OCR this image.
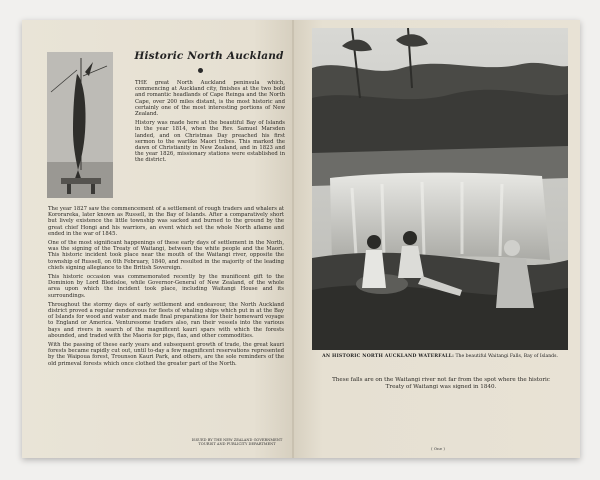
Historic North Auckland

THE great North Auckland peninsula which, commencing at Auckland city, finishes at the two bold and romantic headlands of Cape Reinga and the North Cape, over 200 miles distant, is the most historic and certainly one of the most interesting portions of New Zealand.

History was made here at the beautiful Bay of Islands in the year 1814, when the Rev. Samuel Marsden landed, and on Christmas Day preached his first sermon to the warlike Maori tribes. This marked the dawn of Christianity in New Zealand, and in 1823 and the year 1826, missionary stations were established in the district.

The year 1827 saw the commencement of a settlement of rough traders and whalers at Kororareka, later known as Russell, in the Bay of Islands. After a comparatively short but lively existence the little township was sacked and burned to the ground by the great chief Hongi and his warriors, an event which set the whole North aflame and ended in the war of 1845.

One of the most significant happenings of these early days of settlement in the North, was the signing of the Treaty of Waitangi, between the white people and the Maori. This historic incident took place near the mouth of the Waitangi river, opposite the township of Russell, on 6th February, 1840, and resulted in the majority of the leading chiefs signing allegiance to the British Sovereign.

This historic occasion was commemorated recently by the munificent gift to the Dominion by Lord Bledisloe, while Governor-General of New Zealand, of the whole area upon which the incident took place, including Waitangi House and its surroundings.

Throughout the stormy days of early settlement and endeavour, the North Auckland district proved a regular rendezvous for fleets of whaling ships which put in at the Bay of Islands for wood and water and made final preparations for their homeward voyage to England or America. Venturesome traders also, ran their vessels into the various bays and rivers in search of the magnificent kauri spars with which the forests abounded, and traded with the Maoris for pigs, flax, and other commodities.

With the passing of these early years and subsequent growth of trade, the great kauri forests became rapidly cut out, until to-day a few magnificent reservations represented by the Waipoua forest, Trounson Kauri Park, and others, are the sole reminders of the old primeval forests which once clothed the greater part of the North.

ISSUED BY THE NEW ZEALAND GOVERNMENT
TOURIST AND PUBLICITY DEPARTMENT
AN HISTORIC NORTH AUCKLAND WATERFALL: The beautiful Waitangi Falls, Bay of Islands.
These falls are on the Waitangi river not far from the spot where the historic Treaty of Waitangi was signed in 1840.
( One )
